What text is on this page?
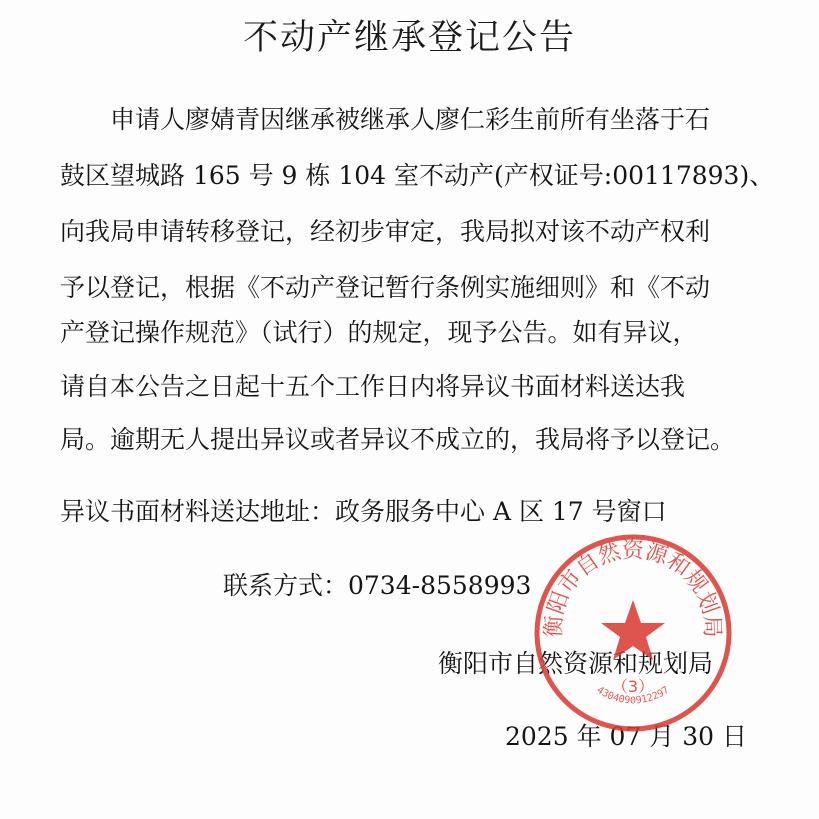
不动产继承登记公告
申请人廖婧青因继承被继承人廖仁彩生前所有坐落于石
鼓区望城路 165 号 9 栋 104 室不动产(产权证号:00117893)、
向我局申请转移登记，经初步审定，我局拟对该不动产权利
予以登记，根据《不动产登记暂行条例实施细则》和《不动
产登记操作规范》（试行）的规定，现予公告。如有异议，
请自本公告之日起十五个工作日内将异议书面材料送达我
局。逾期无人提出异议或者异议不成立的，我局将予以登记。
异议书面材料送达地址：政务服务中心 A 区 17 号窗口
联系方式：0734-8558993
衡阳市自然资源和规划局
2025 年 07 月 30 日
衡阳市自然资源和规划局
（3）
4304090912297
